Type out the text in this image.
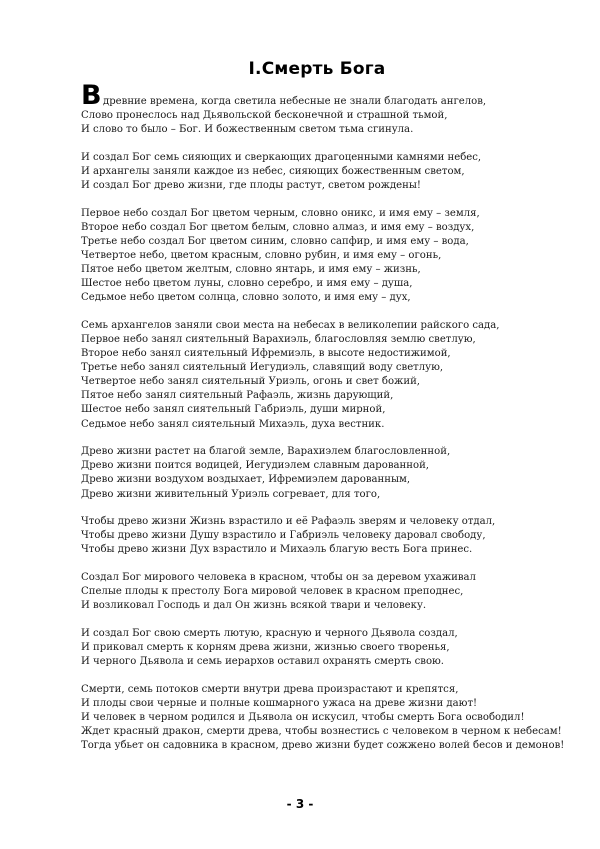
I.Смерть Бога
В древние времена, когда светила небесные не знали благодать ангелов,
Слово пронеслось над Дьявольской бесконечной и страшной тьмой,
И слово то было – Бог. И божественным светом тьма сгинула.
И создал Бог семь сияющих и сверкающих драгоценными камнями небес,
И архангелы заняли каждое из небес, сияющих божественным светом,
И создал Бог древо жизни, где плоды растут, светом рождены!
Первое небо создал Бог цветом черным, словно оникс, и имя ему – земля,
Второе небо создал Бог цветом белым, словно алмаз, и имя ему – воздух,
Третье небо создал Бог цветом синим, словно сапфир, и имя ему – вода,
Четвертое небо, цветом красным, словно рубин, и имя ему – огонь,
Пятое небо цветом желтым, словно янтарь, и имя ему – жизнь,
Шестое небо цветом луны, словно серебро, и имя ему – душа,
Седьмое небо цветом солнца, словно золото, и имя ему – дух,
Семь архангелов заняли свои места на небесах в великолепии райского сада,
Первое небо занял сиятельный Варахиэль, благословляя землю светлую,
Второе небо занял сиятельный Ифремиэль, в высоте недостижимой,
Третье небо занял сиятельный Иегудиэль, славящий воду светлую,
Четвертое небо занял сиятельный Уриэль, огонь и свет божий,
Пятое небо занял сиятельный Рафаэль, жизнь дарующий,
Шестое небо занял сиятельный Габриэль, души мирной,
Седьмое небо занял сиятельный Михаэль, духа вестник.
Древо жизни растет на благой земле, Варахиэлем благословленной,
Древо жизни поится водицей, Иегудиэлем славным дарованной,
Древо жизни воздухом воздыхает, Ифремиэлем дарованным,
Древо жизни живительный Уриэль согревает, для того,
Чтобы древо жизни Жизнь взрастило и её Рафаэль зверям и человеку отдал,
Чтобы древо жизни Душу взрастило и Габриэль человеку даровал свободу,
Чтобы древо жизни Дух взрастило и Михаэль благую весть Бога принес.
Создал Бог мирового человека в красном, чтобы он за деревом ухаживал
Спелые плоды к престолу Бога мировой человек в красном преподнес,
И возликовал Господь и дал Он жизнь всякой твари и человеку.
И создал Бог свою смерть лютую, красную и черного Дьявола создал,
И приковал смерть к корням древа жизни, жизнью своего творенья,
И черного Дьявола и семь иерархов оставил охранять смерть свою.
Смерти, семь потоков смерти внутри древа произрастают и крепятся,
И плоды свои черные и полные кошмарного ужаса на древе жизни дают!
И человек в черном родился и Дьявола он искусил, чтобы смерть Бога освободил!
Ждет красный дракон, смерти древа, чтобы вознестись с человеком в черном к небесам!
Тогда убьет он садовника в красном, древо жизни будет сожжено волей бесов и демонов!
- 3 -
